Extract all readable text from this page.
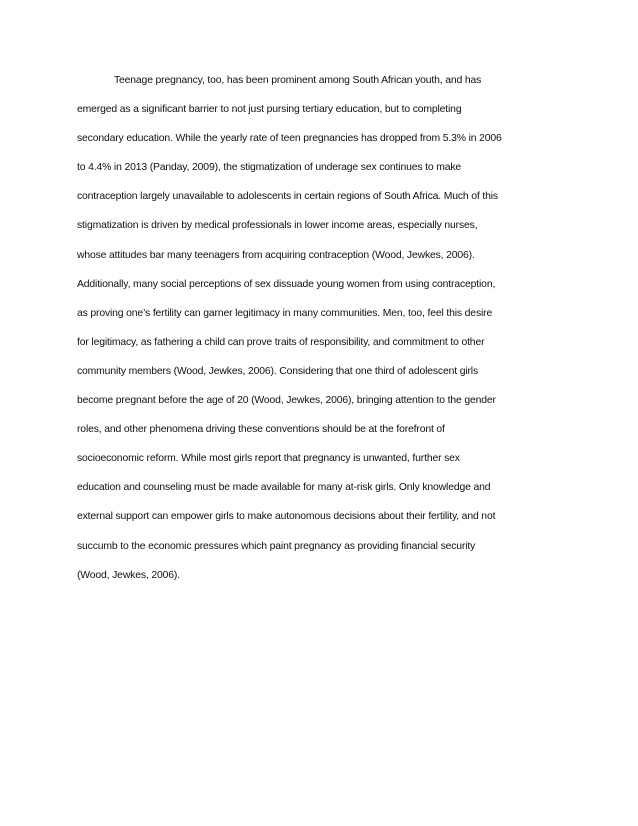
Teenage pregnancy, too, has been prominent among South African youth, and has
emerged as a significant barrier to not just pursing tertiary education, but to completing
secondary education. While the yearly rate of teen pregnancies has dropped from 5.3% in 2006
to 4.4% in 2013 (Panday, 2009), the stigmatization of underage sex continues to make
contraception largely unavailable to adolescents in certain regions of South Africa. Much of this
stigmatization is driven by medical professionals in lower income areas, especially nurses,
whose attitudes bar many teenagers from acquiring contraception (Wood, Jewkes, 2006).
Additionally, many social perceptions of sex dissuade young women from using contraception,
as proving one’s fertility can garner legitimacy in many communities. Men, too, feel this desire
for legitimacy, as fathering a child can prove traits of responsibility, and commitment to other
community members (Wood, Jewkes, 2006). Considering that one third of adolescent girls
become pregnant before the age of 20 (Wood, Jewkes, 2006), bringing attention to the gender
roles, and other phenomena driving these conventions should be at the forefront of
socioeconomic reform. While most girls report that pregnancy is unwanted, further sex
education and counseling must be made available for many at-risk girls. Only knowledge and
external support can empower girls to make autonomous decisions about their fertility, and not
succumb to the economic pressures which paint pregnancy as providing financial security
(Wood, Jewkes, 2006).
